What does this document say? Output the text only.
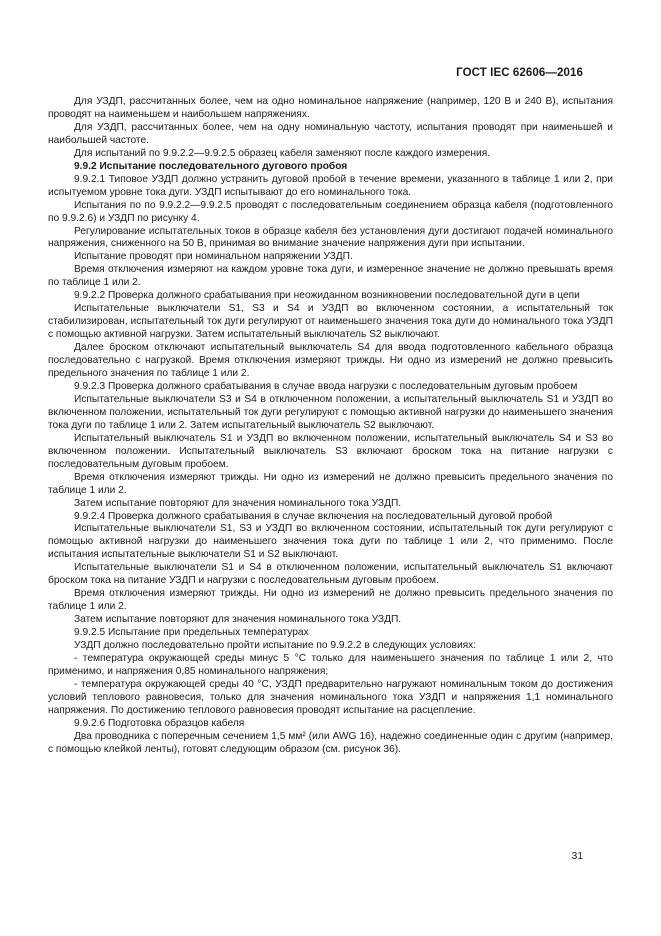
ГОСТ IEC 62606—2016

Для УЗДП, рассчитанных более, чем на одно номинальное напряжение (например, 120 В и 240 В), испытания проводят на наименьшем и наибольшем напряжениях.

Для УЗДП, рассчитанных более, чем на одну номинальную частоту, испытания проводят при наименьшей и наибольшей частоте.

Для испытаний по 9.9.2.2—9.9.2.5 образец кабеля заменяют после каждого измерения.

9.9.2 Испытание последовательного дугового пробоя

9.9.2.1 Типовое УЗДП должно устранить дуговой пробой в течение времени, указанного в таблице 1 или 2, при испытуемом уровне тока дуги. УЗДП испытывают до его номинального тока.

Испытания по по 9.9.2.2—9.9.2.5 проводят с последовательным соединением образца кабеля (подготовленного по 9.9.2.6) и УЗДП по рисунку 4.

Регулирование испытательных токов в образце кабеля без установления дуги достигают подачей номинального напряжения, сниженного на 50 В, принимая во внимание значение напряжения дуги при испытании.

Испытание проводят при номинальном напряжении УЗДП.

Время отключения измеряют на каждом уровне тока дуги, и измеренное значение не должно превышать время по таблице 1 или 2.

9.9.2.2 Проверка должного срабатывания при неожиданном возникновении последовательной дуги в цепи

Испытательные выключатели S1, S3 и S4 и УЗДП во включенном состоянии, а испытательный ток стабилизирован, испытательный ток дуги регулируют от наименьшего значения тока дуги до номинального тока УЗДП с помощью активной нагрузки. Затем испытательный выключатель S2 выключают.

Далее броском отключают испытательный выключатель S4 для ввода подготовленного кабельного образца последовательно с нагрузкой. Время отключения измеряют трижды. Ни одно из измерений не должно превысить предельного значения по таблице 1 или 2.

9.9.2.3 Проверка должного срабатывания в случае ввода нагрузки с последовательным дуговым пробоем

Испытательные выключатели S3 и S4 в отключенном положении, а испытательный выключатель S1 и УЗДП во включенном положении, испытательный ток дуги регулируют с помощью активной нагрузки до наименьшего значения тока дуги по таблице 1 или 2. Затем испытательный выключатель S2 выключают.

Испытательный выключатель S1 и УЗДП во включенном положении, испытательный выключатель S4 и S3 во включенном положении. Испытательный выключатель S3 включают броском тока на питание нагрузки с последовательным дуговым пробоем.

Время отключения измеряют трижды. Ни одно из измерений не должно превысить предельного значения по таблице 1 или 2.

Затем испытание повторяют для значения номинального тока УЗДП.

9.9.2.4 Проверка должного срабатывания в случае включения на последовательный дуговой пробой

Испытательные выключатели S1, S3 и УЗДП во включенном состоянии, испытательный ток дуги регулируют с помощью активной нагрузки до наименьшего значения тока дуги по таблице 1 или 2, что применимо. После испытания испытательные выключатели S1 и S2 выключают.

Испытательные выключатели S1 и S4 в отключенном положении, испытательный выключатель S1 включают броском тока на питание УЗДП и нагрузки с последовательным дуговым пробоем.

Время отключения измеряют трижды. Ни одно из измерений не должно превысить предельного значения по таблице 1 или 2.

Затем испытание повторяют для значения номинального тока УЗДП.

9.9.2.5 Испытание при предельных температурах

УЗДП должно последовательно пройти испытание по 9.9.2.2 в следующих условиях:

- температура окружающей среды минус 5 °С только для наименьшего значения по таблице 1 или 2, что применимо, и напряжения 0,85 номинального напряжения;

- температура окружающей среды 40 °С, УЗДП предварительно нагружают номинальным током до достижения условий теплового равновесия, только для значения номинального тока УЗДП и напряжения 1,1 номинального напряжения. По достижению теплового равновесия проводят испытание на расцепление.

9.9.2.6 Подготовка образцов кабеля

Два проводника с поперечным сечением 1,5 мм² (или AWG 16), надежно соединенные один с другим (например, с помощью клейкой ленты), готовят следующим образом (см. рисунок 36).

31
